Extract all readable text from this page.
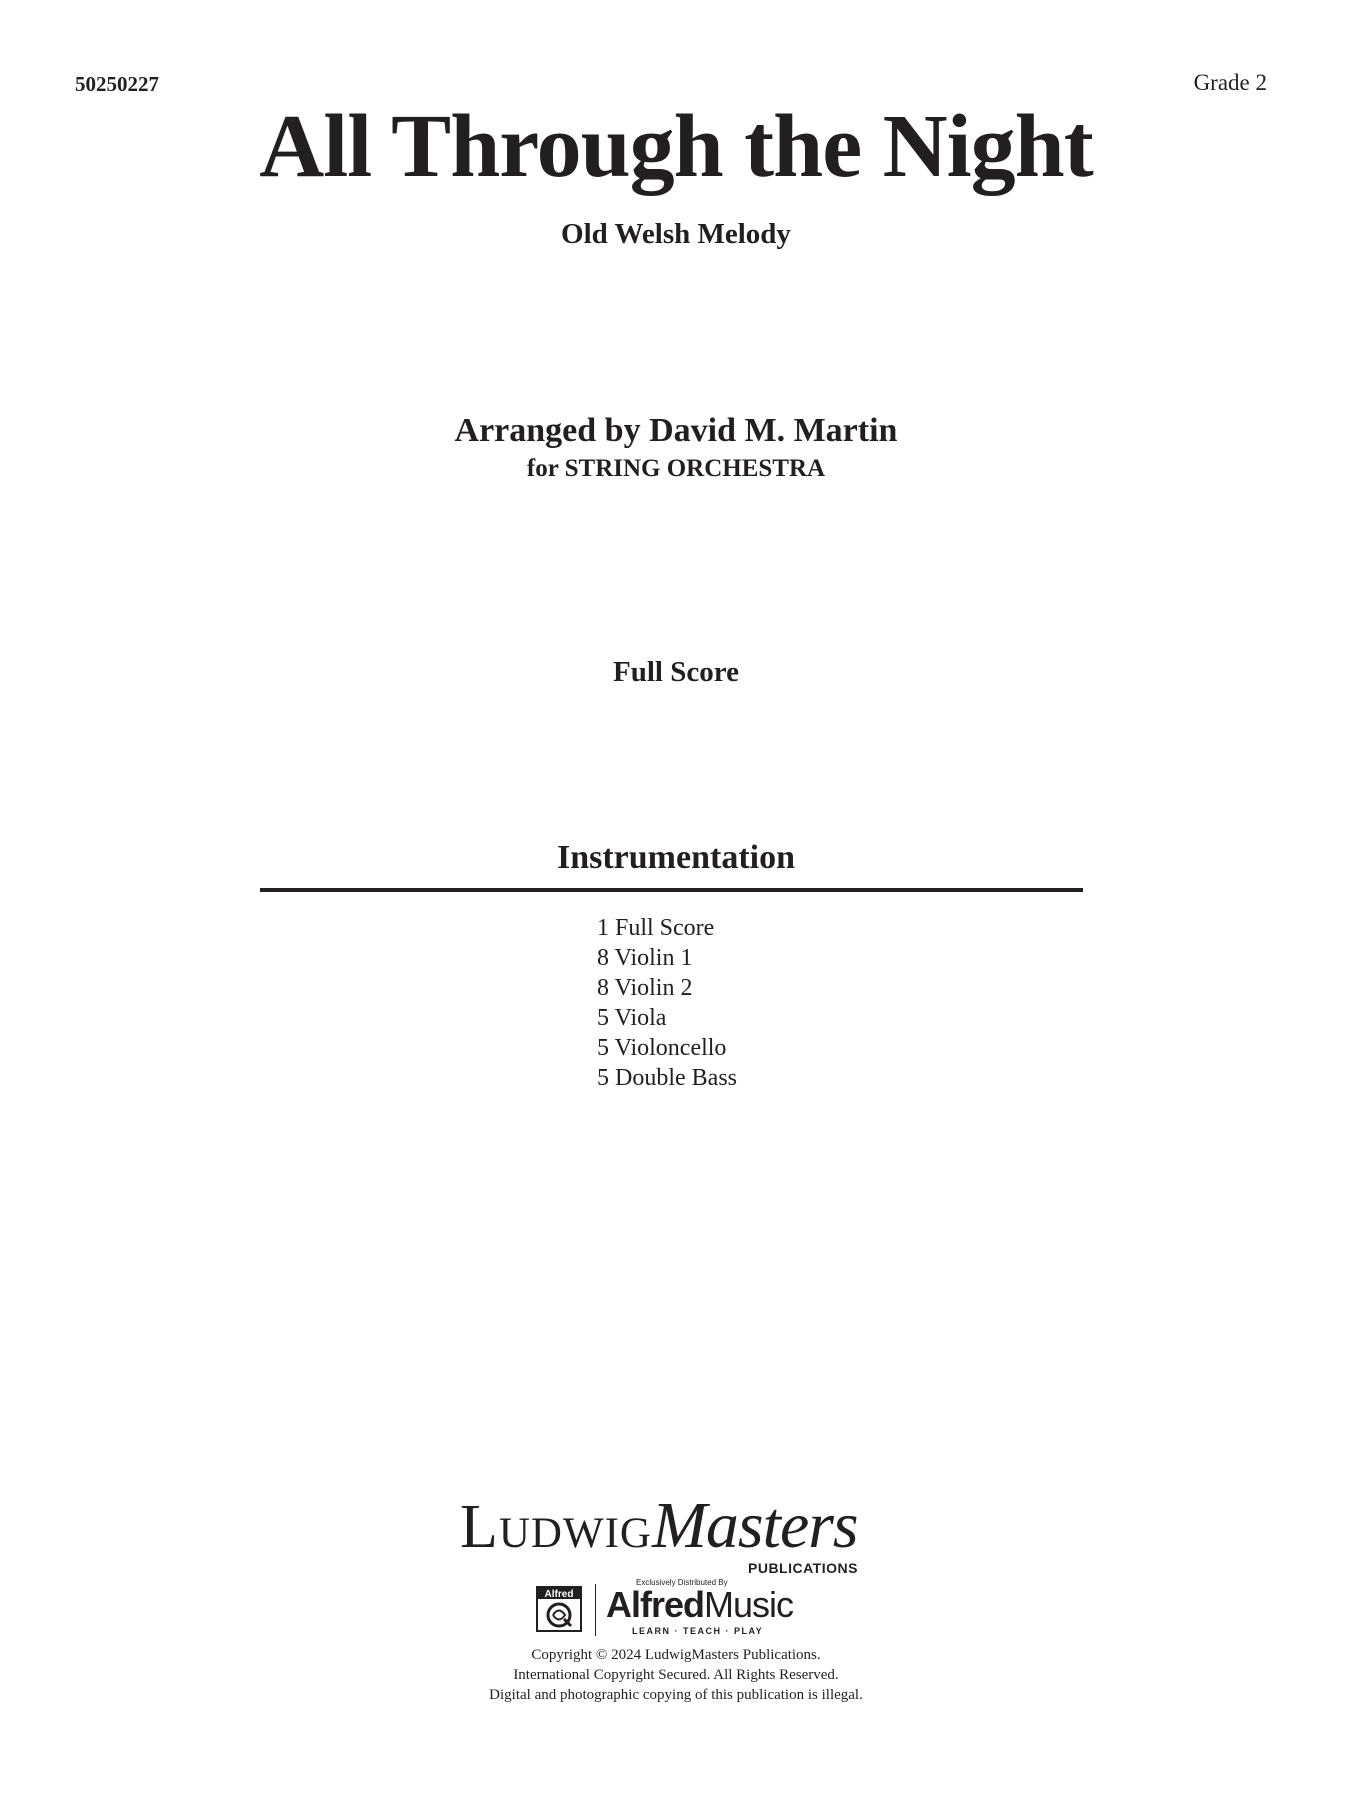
50250227	Grade 2
All Through the Night
Old Welsh Melody
Arranged by David M. Martin
for STRING ORCHESTRA
Full Score
Instrumentation
1 Full Score
8 Violin 1
8 Violin 2
5 Viola
5 Violoncello
5 Double Bass
LudwigMasters
PUBLICATIONS
Exclusively Distributed By
Alfred AlfredMusic
LEARN · TEACH · PLAY
Copyright © 2024 LudwigMasters Publications.
International Copyright Secured. All Rights Reserved.
Digital and photographic copying of this publication is illegal.
